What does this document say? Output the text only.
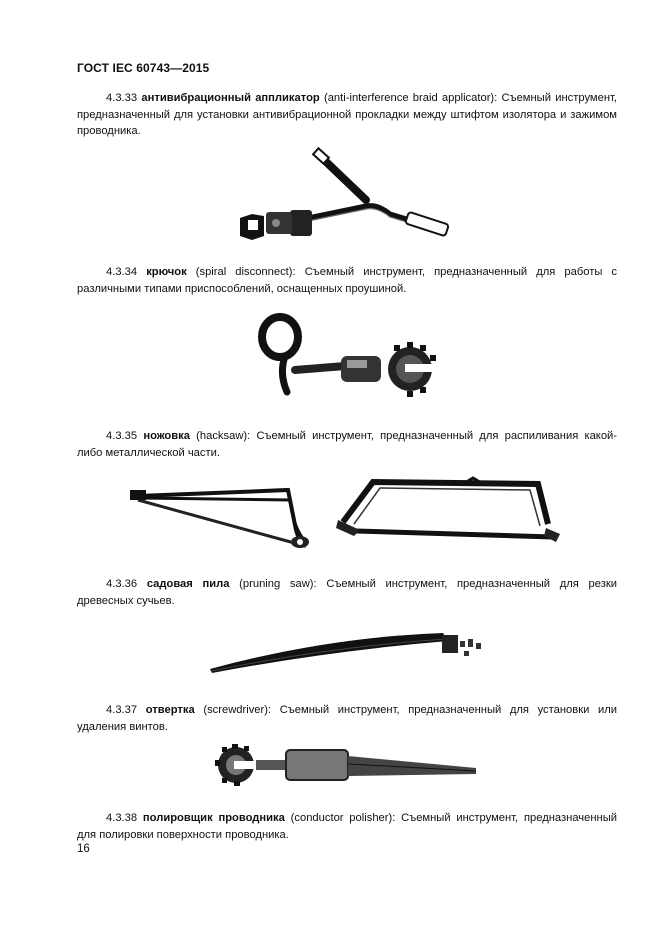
ГОСТ IEC 60743—2015
4.3.33 антивибрационный аппликатор (anti-interference braid applicator): Съемный инструмент, предназначенный для установки антивибрационной прокладки между штифтом изолятора и зажимом проводника.
4.3.34 крючок (spiral disconnect): Съемный инструмент, предназначенный для работы с различными типами приспособлений, оснащенных проушиной.
4.3.35 ножовка (hacksaw): Съемный инструмент, предназначенный для распиливания какой-либо металлической части.
4.3.36 садовая пила (pruning saw): Съемный инструмент, предназначенный для резки древесных сучьев.
4.3.37 отвертка (screwdriver): Съемный инструмент, предназначенный для установки или удаления винтов.
4.3.38 полировщик проводника (conductor polisher): Съемный инструмент, предназначенный для полировки поверхности проводника.
16
